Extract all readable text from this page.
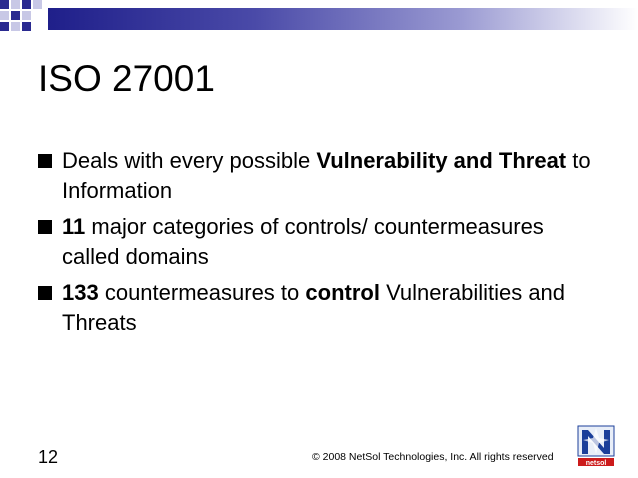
ISO 27001
Deals with every possible Vulnerability and Threat to Information
11 major categories of controls/ countermeasures called domains
133 countermeasures to control Vulnerabilities and Threats
12	© 2008 NetSol Technologies, Inc. All rights reserved
netsol
